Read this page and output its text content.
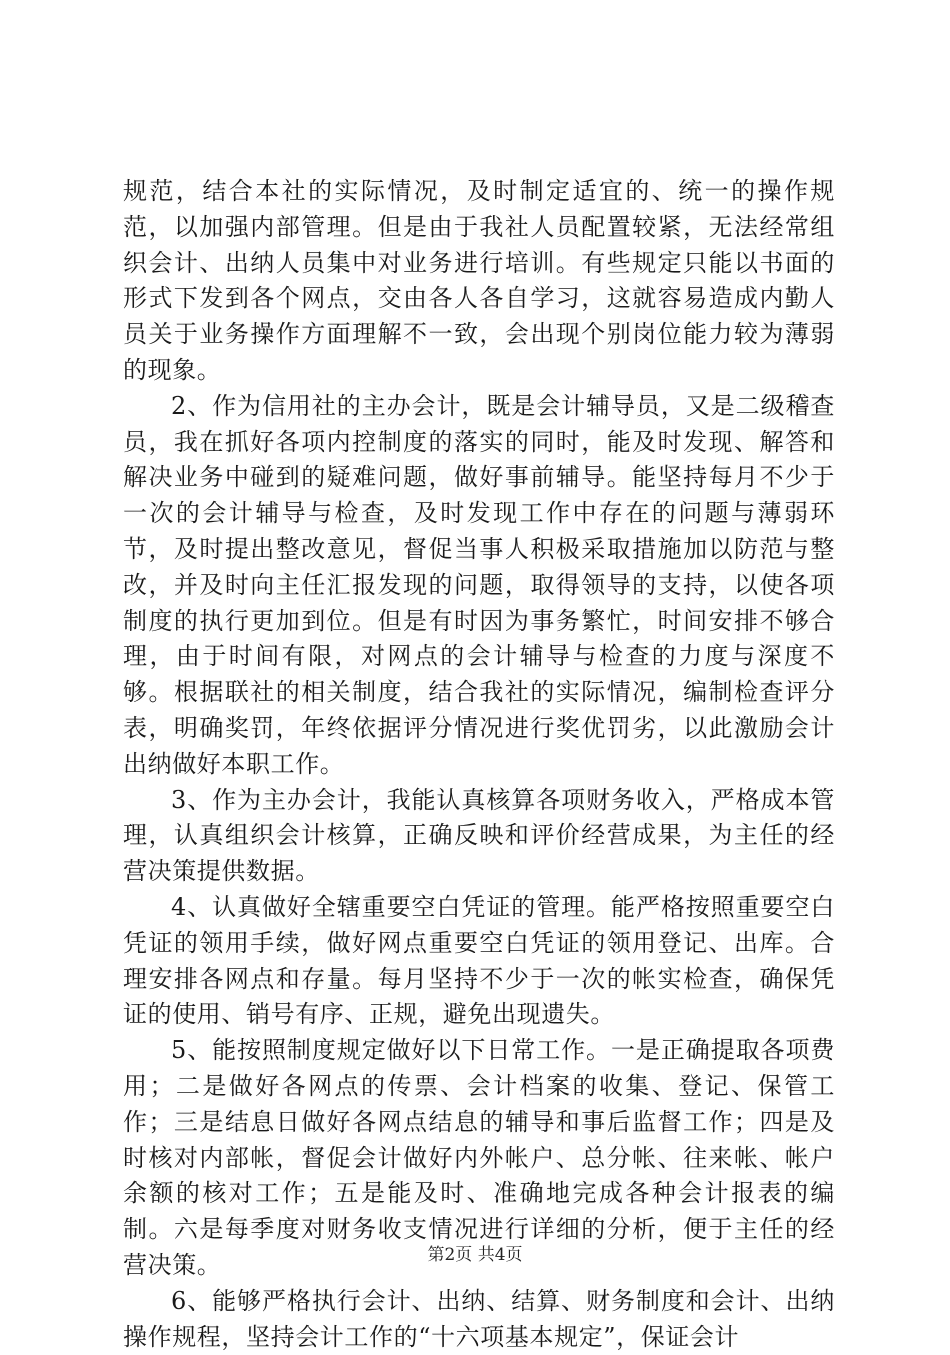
规范，结合本社的实际情况，及时制定适宜的、统一的操作规范，以加强内部管理。但是由于我社人员配置较紧，无法经常组织会计、出纳人员集中对业务进行培训。有些规定只能以书面的形式下发到各个网点，交由各人各自学习，这就容易造成内勤人员关于业务操作方面理解不一致，会出现个别岗位能力较为薄弱的现象。

2、作为信用社的主办会计，既是会计辅导员，又是二级稽查员，我在抓好各项内控制度的落实的同时，能及时发现、解答和解决业务中碰到的疑难问题，做好事前辅导。能坚持每月不少于一次的会计辅导与检查，及时发现工作中存在的问题与薄弱环节，及时提出整改意见，督促当事人积极采取措施加以防范与整改，并及时向主任汇报发现的问题，取得领导的支持，以使各项制度的执行更加到位。但是有时因为事务繁忙，时间安排不够合理，由于时间有限，对网点的会计辅导与检查的力度与深度不够。根据联社的相关制度，结合我社的实际情况，编制检查评分表，明确奖罚，年终依据评分情况进行奖优罚劣，以此激励会计出纳做好本职工作。

3、作为主办会计，我能认真核算各项财务收入，严格成本管理，认真组织会计核算，正确反映和评价经营成果，为主任的经营决策提供数据。

4、认真做好全辖重要空白凭证的管理。能严格按照重要空白凭证的领用手续，做好网点重要空白凭证的领用登记、出库。合理安排各网点和存量。每月坚持不少于一次的帐实检查，确保凭证的使用、销号有序、正规，避免出现遗失。

5、能按照制度规定做好以下日常工作。一是正确提取各项费用；二是做好各网点的传票、会计档案的收集、登记、保管工作；三是结息日做好各网点结息的辅导和事后监督工作；四是及时核对内部帐，督促会计做好内外帐户、总分帐、往来帐、帐户余额的核对工作；五是能及时、准确地完成各种会计报表的编制。六是每季度对财务收支情况进行详细的分析，便于主任的经营决策。

6、能够严格执行会计、出纳、结算、财务制度和会计、出纳操作规程，坚持会计工作的“十六项基本规定”，保证会计

第2页 共4页
